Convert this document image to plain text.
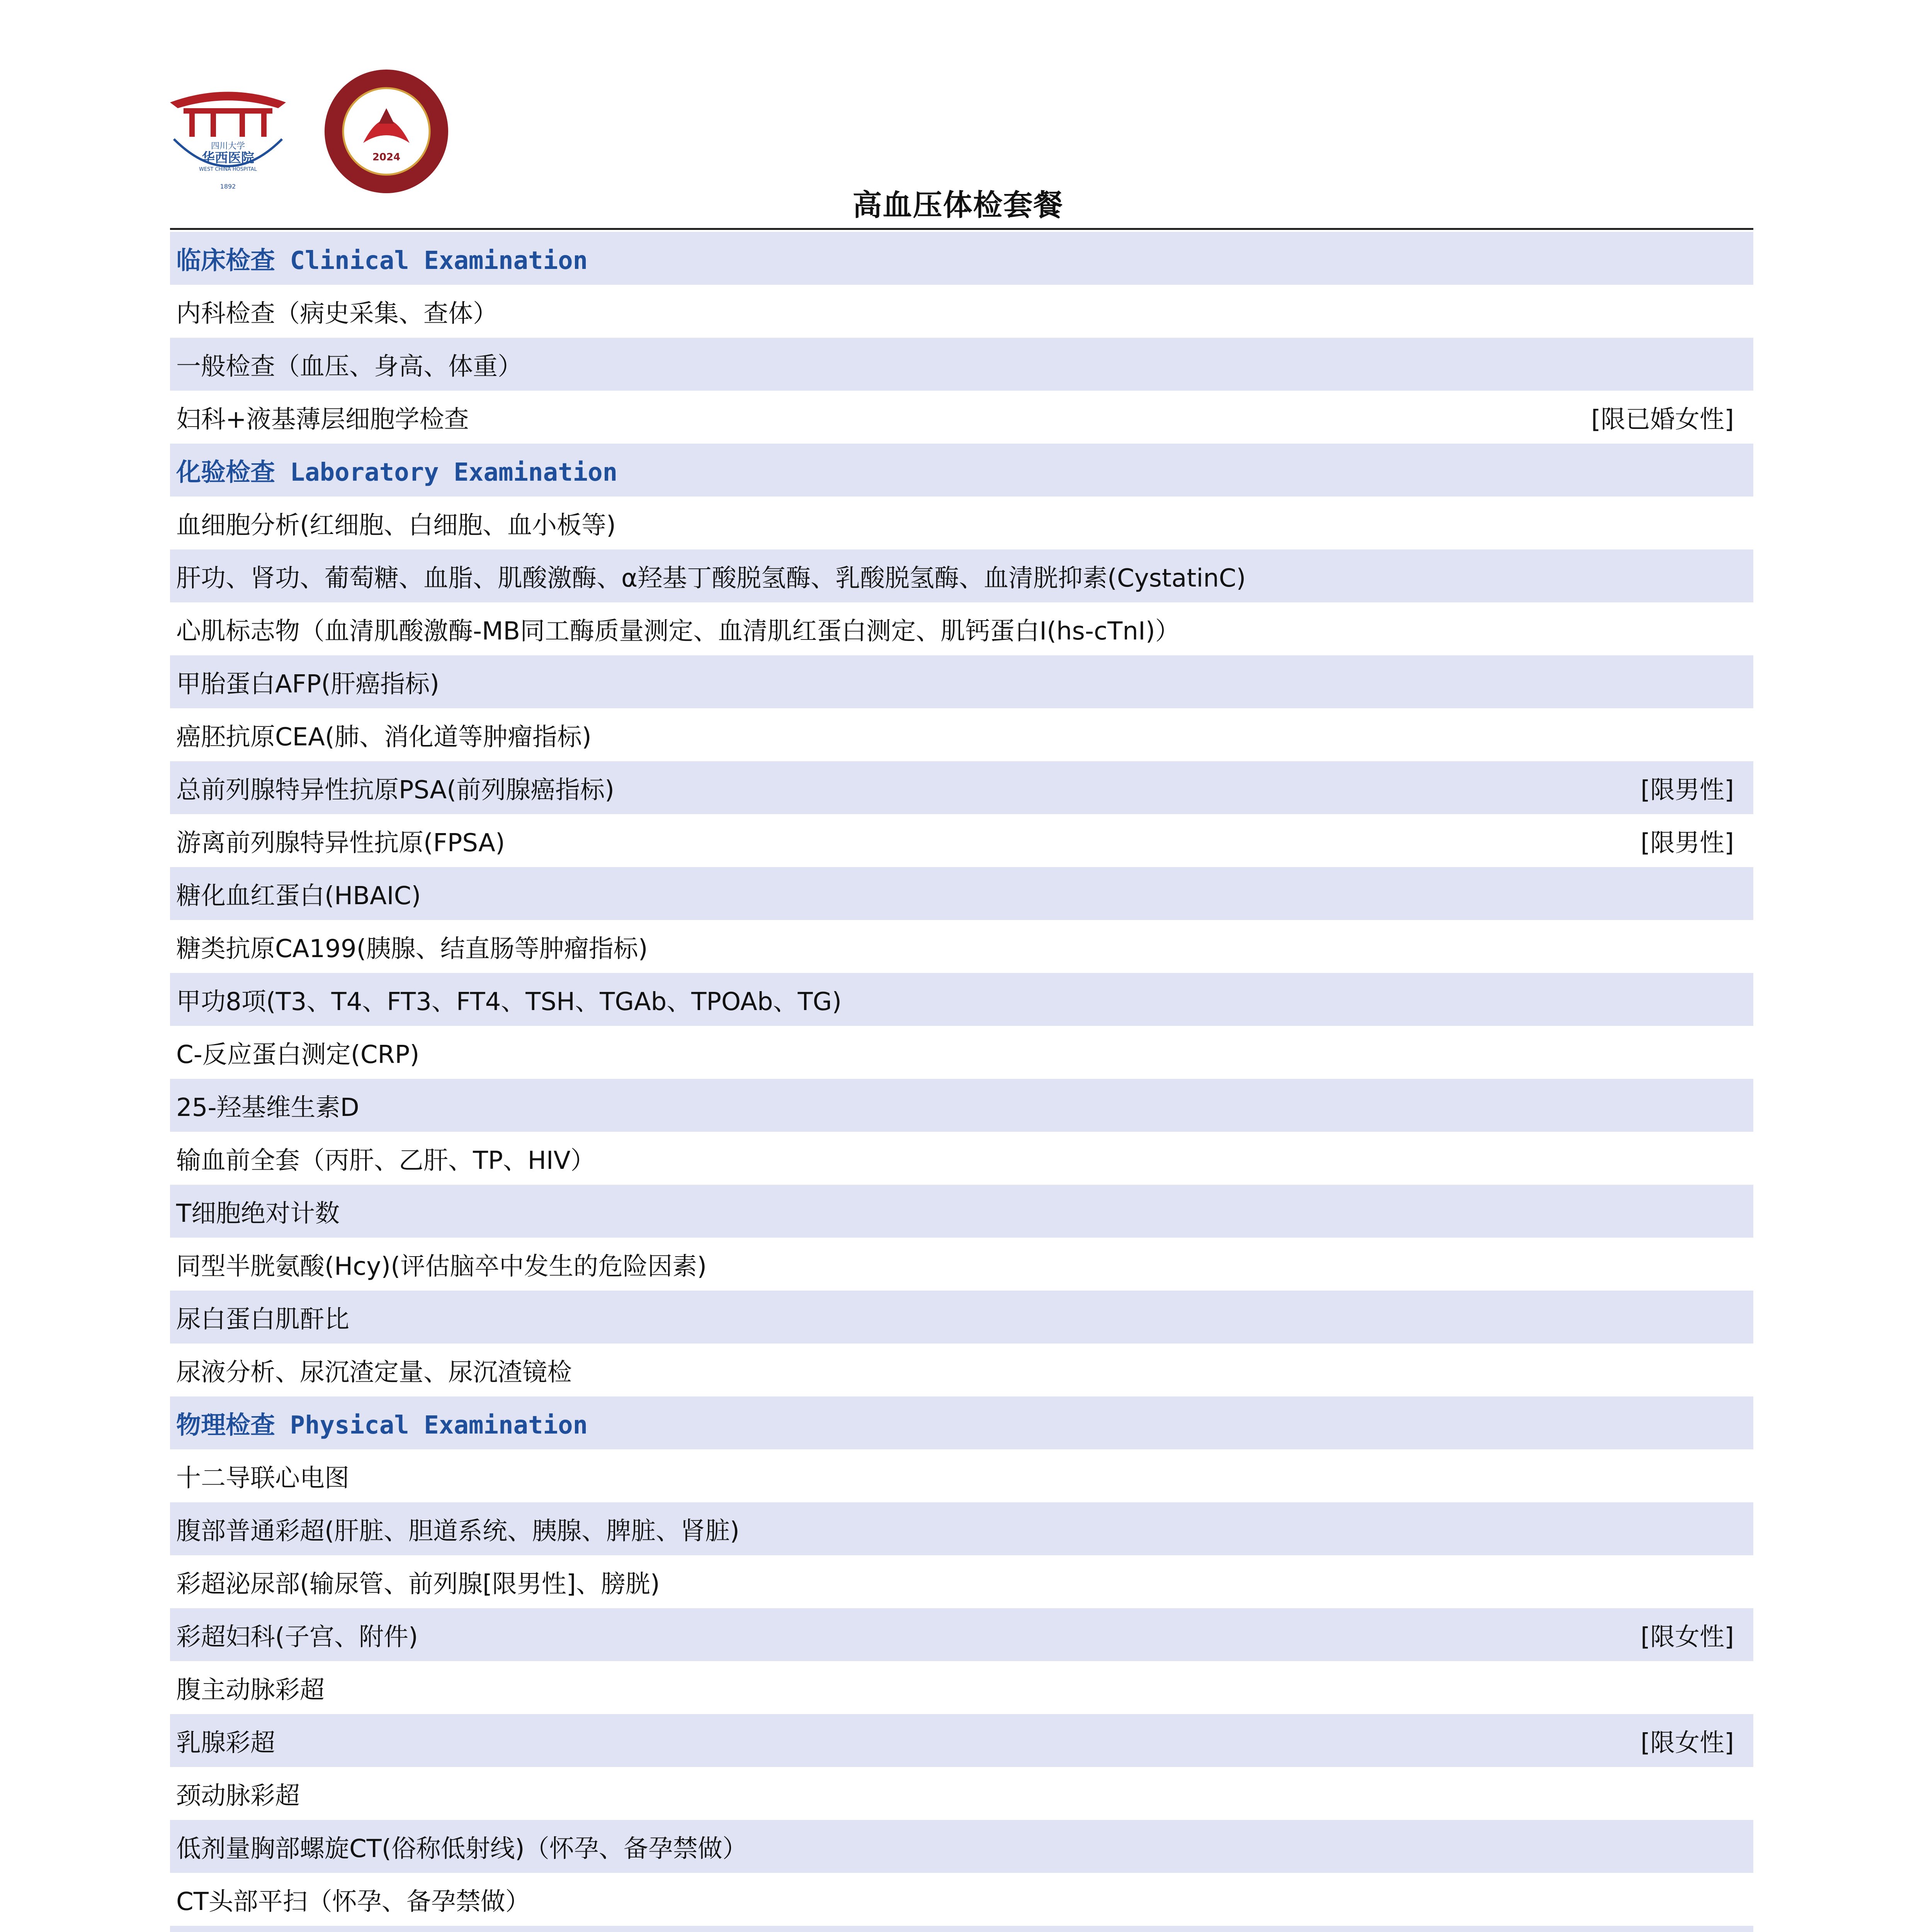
四川大学
华西医院
WEST CHINA HOSPITAL
1892
2024
高血压体检套餐
临床检查 Clinical Examination
内科检查（病史采集、查体）
一般检查（血压、身高、体重）
妇科+液基薄层细胞学检查	[限已婚女性]
化验检查 Laboratory Examination
血细胞分析(红细胞、白细胞、血小板等)
肝功、肾功、葡萄糖、血脂、肌酸激酶、α羟基丁酸脱氢酶、乳酸脱氢酶、血清胱抑素(CystatinC)
心肌标志物（血清肌酸激酶-MB同工酶质量测定、血清肌红蛋白测定、肌钙蛋白I(hs-cTnI)）
甲胎蛋白AFP(肝癌指标)
癌胚抗原CEA(肺、消化道等肿瘤指标)
总前列腺特异性抗原PSA(前列腺癌指标)	[限男性]
游离前列腺特异性抗原(FPSA)	[限男性]
糖化血红蛋白(HBAIC)
糖类抗原CA199(胰腺、结直肠等肿瘤指标)
甲功8项(T3、T4、FT3、FT4、TSH、TGAb、TPOAb、TG)
C-反应蛋白测定(CRP)
25-羟基维生素D
输血前全套（丙肝、乙肝、TP、HIV）
T细胞绝对计数
同型半胱氨酸(Hcy)(评估脑卒中发生的危险因素)
尿白蛋白肌酐比
尿液分析、尿沉渣定量、尿沉渣镜检
物理检查 Physical Examination
十二导联心电图
腹部普通彩超(肝脏、胆道系统、胰腺、脾脏、肾脏)
彩超泌尿部(输尿管、前列腺[限男性]、膀胱)
彩超妇科(子宫、附件)	[限女性]
腹主动脉彩超
乳腺彩超	[限女性]
颈动脉彩超
低剂量胸部螺旋CT(俗称低射线)（怀孕、备孕禁做）
CT头部平扫（怀孕、备孕禁做）
